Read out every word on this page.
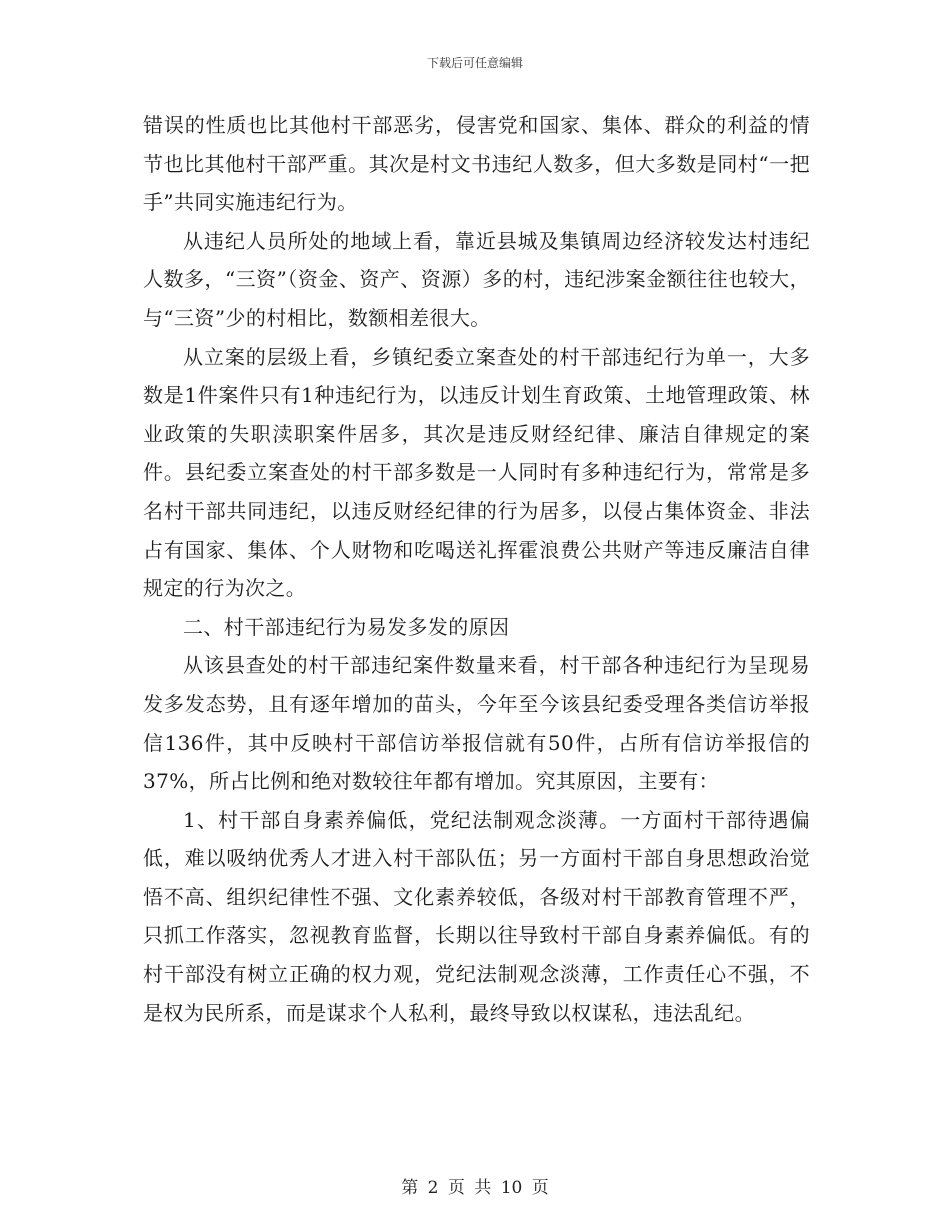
下载后可任意编辑

错误的性质也比其他村干部恶劣，侵害党和国家、集体、群众的利益的情节也比其他村干部严重。其次是村文书违纪人数多，但大多数是同村“一把手”共同实施违纪行为。

从违纪人员所处的地域上看，靠近县城及集镇周边经济较发达村违纪人数多，“三资”（资金、资产、资源）多的村，违纪涉案金额往往也较大，与“三资”少的村相比，数额相差很大。

从立案的层级上看，乡镇纪委立案查处的村干部违纪行为单一，大多数是1件案件只有1种违纪行为，以违反计划生育政策、土地管理政策、林业政策的失职渎职案件居多，其次是违反财经纪律、廉洁自律规定的案件。县纪委立案查处的村干部多数是一人同时有多种违纪行为，常常是多名村干部共同违纪，以违反财经纪律的行为居多，以侵占集体资金、非法占有国家、集体、个人财物和吃喝送礼挥霍浪费公共财产等违反廉洁自律规定的行为次之。

二、村干部违纪行为易发多发的原因

从该县查处的村干部违纪案件数量来看，村干部各种违纪行为呈现易发多发态势，且有逐年增加的苗头，今年至今该县纪委受理各类信访举报信136件，其中反映村干部信访举报信就有50件，占所有信访举报信的37%，所占比例和绝对数较往年都有增加。究其原因，主要有：

1、村干部自身素养偏低，党纪法制观念淡薄。一方面村干部待遇偏低，难以吸纳优秀人才进入村干部队伍；另一方面村干部自身思想政治觉悟不高、组织纪律性不强、文化素养较低，各级对村干部教育管理不严，只抓工作落实，忽视教育监督，长期以往导致村干部自身素养偏低。有的村干部没有树立正确的权力观，党纪法制观念淡薄，工作责任心不强，不是权为民所系，而是谋求个人私利，最终导致以权谋私，违法乱纪。

第 2 页 共 10 页
